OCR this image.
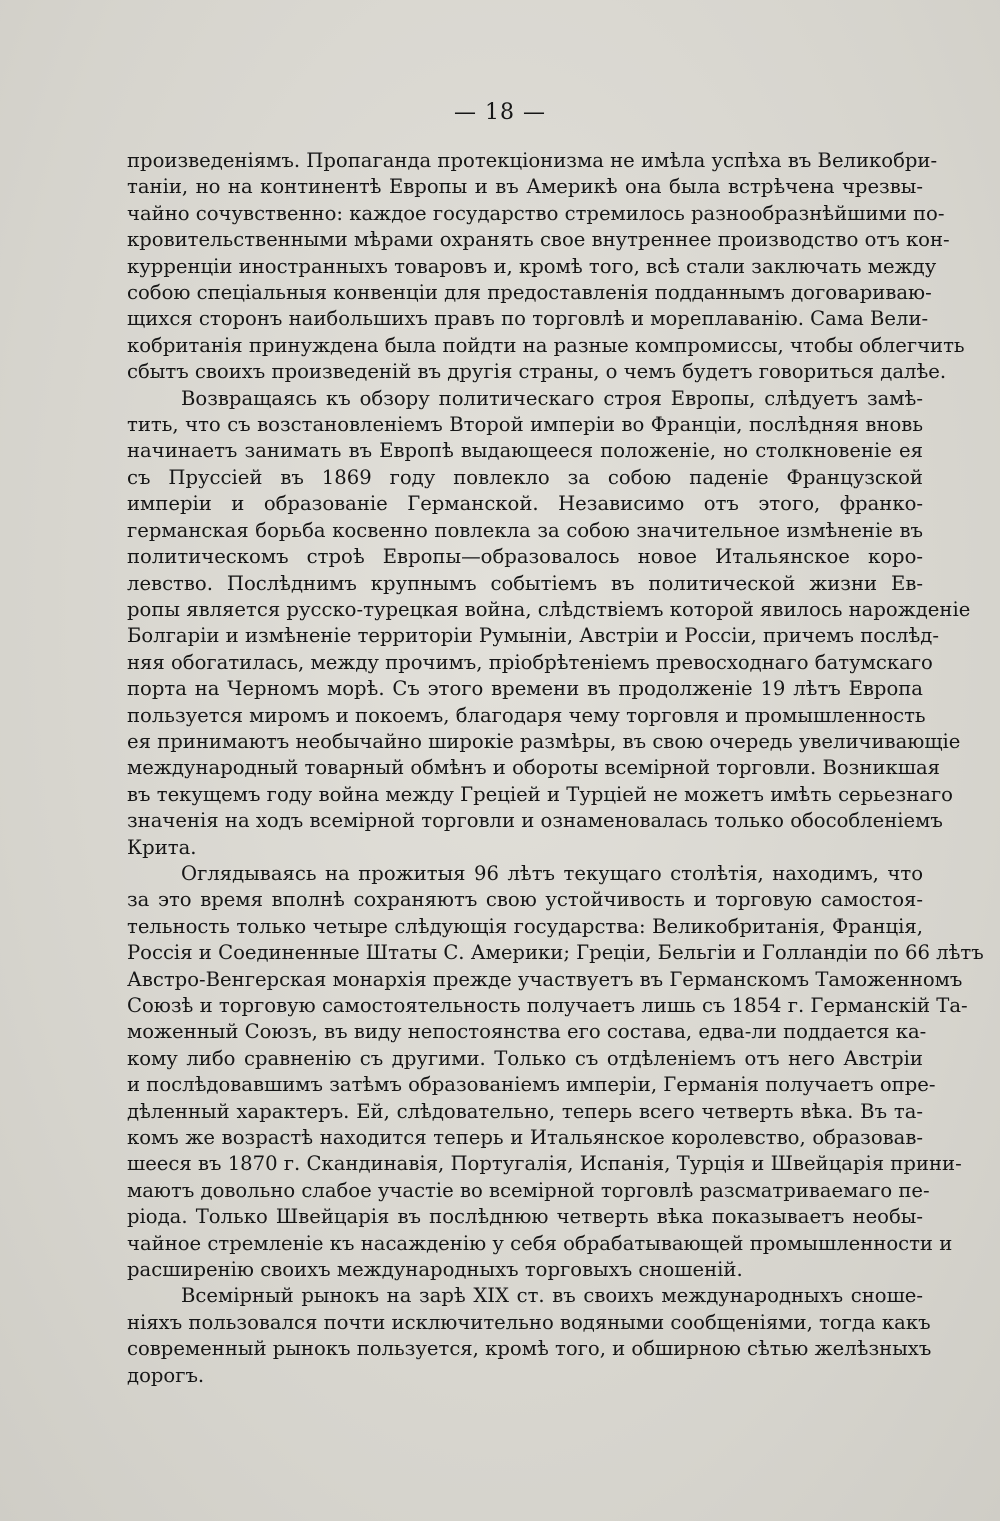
— 18 —
произведеніямъ. Пропаганда протекціонизма не имѣла успѣха въ Великобри-
таніи, но на континентѣ Европы и въ Америкѣ она была встрѣчена чрезвы-
чайно сочувственно: каждое государство стремилось разнообразнѣйшими по-
кровительственными мѣрами охранять свое внутреннее производство отъ кон-
курренціи иностранныхъ товаровъ и, кромѣ того, всѣ стали заключать между
собою спеціальныя конвенціи для предоставленія подданнымъ договариваю-
щихся сторонъ наибольшихъ правъ по торговлѣ и мореплаванію. Сама Вели-
кобританія принуждена была пойдти на разные компромиссы, чтобы облегчить
сбытъ своихъ произведеній въ другія страны, о чемъ будетъ говориться далѣе.
Возвращаясь къ обзору политическаго строя Европы, слѣдуетъ замѣ-
тить, что съ возстановленіемъ Второй имперіи во Франціи, послѣдняя вновь
начинаетъ занимать въ Европѣ выдающееся положеніе, но столкновеніе ея
съ Пруссіей въ 1869 году повлекло за собою паденіе Французской
имперіи и образованіе Германской. Независимо отъ этого, франко-
германская борьба косвенно повлекла за собою значительное измѣненіе въ
политическомъ строѣ Европы—образовалось новое Итальянское коро-
левство. Послѣднимъ крупнымъ событіемъ въ политической жизни Ев-
ропы является русско-турецкая война, слѣдствіемъ которой явилось нарожденіе
Болгаріи и измѣненіе территоріи Румыніи, Австріи и Россіи, причемъ послѣд-
няя обогатилась, между прочимъ, пріобрѣтеніемъ превосходнаго батумскаго
порта на Черномъ морѣ. Съ этого времени въ продолженіе 19 лѣтъ Европа
пользуется миромъ и покоемъ, благодаря чему торговля и промышленность
ея принимаютъ необычайно широкіе размѣры, въ свою очередь увеличивающіе
международный товарный обмѣнъ и обороты всемірной торговли. Возникшая
въ текущемъ году война между Греціей и Турціей не можетъ имѣть серьезнаго
значенія на ходъ всемірной торговли и ознаменовалась только обособленіемъ
Крита.
Оглядываясь на прожитыя 96 лѣтъ текущаго столѣтія, находимъ, что
за это время вполнѣ сохраняютъ свою устойчивость и торговую самостоя-
тельность только четыре слѣдующія государства: Великобританія, Франція,
Россія и Соединенные Штаты С. Америки; Греціи, Бельгіи и Голландіи по 66 лѣтъ
Австро-Венгерская монархія прежде участвуетъ въ Германскомъ Таможенномъ
Союзѣ и торговую самостоятельность получаетъ лишь съ 1854 г. Германскій Та-
моженный Союзъ, въ виду непостоянства его состава, едва-ли поддается ка-
кому либо сравненію съ другими. Только съ отдѣленіемъ отъ него Австріи
и послѣдовавшимъ затѣмъ образованіемъ имперіи, Германія получаетъ опре-
дѣленный характеръ. Ей, слѣдовательно, теперь всего четверть вѣка. Въ та-
комъ же возрастѣ находится теперь и Итальянское королевство, образовав-
шееся въ 1870 г. Скандинавія, Португалія, Испанія, Турція и Швейцарія прини-
маютъ довольно слабое участіе во всемірной торговлѣ разсматриваемаго пе-
ріода. Только Швейцарія въ послѣднюю четверть вѣка показываетъ необы-
чайное стремленіе къ насажденію у себя обрабатывающей промышленности и
расширенію своихъ международныхъ торговыхъ сношеній.
Всемірный рынокъ на зарѣ XIX ст. въ своихъ международныхъ сноше-
ніяхъ пользовался почти исключительно водяными сообщеніями, тогда какъ
современный рынокъ пользуется, кромѣ того, и обширною сѣтью желѣзныхъ
дорогъ.
